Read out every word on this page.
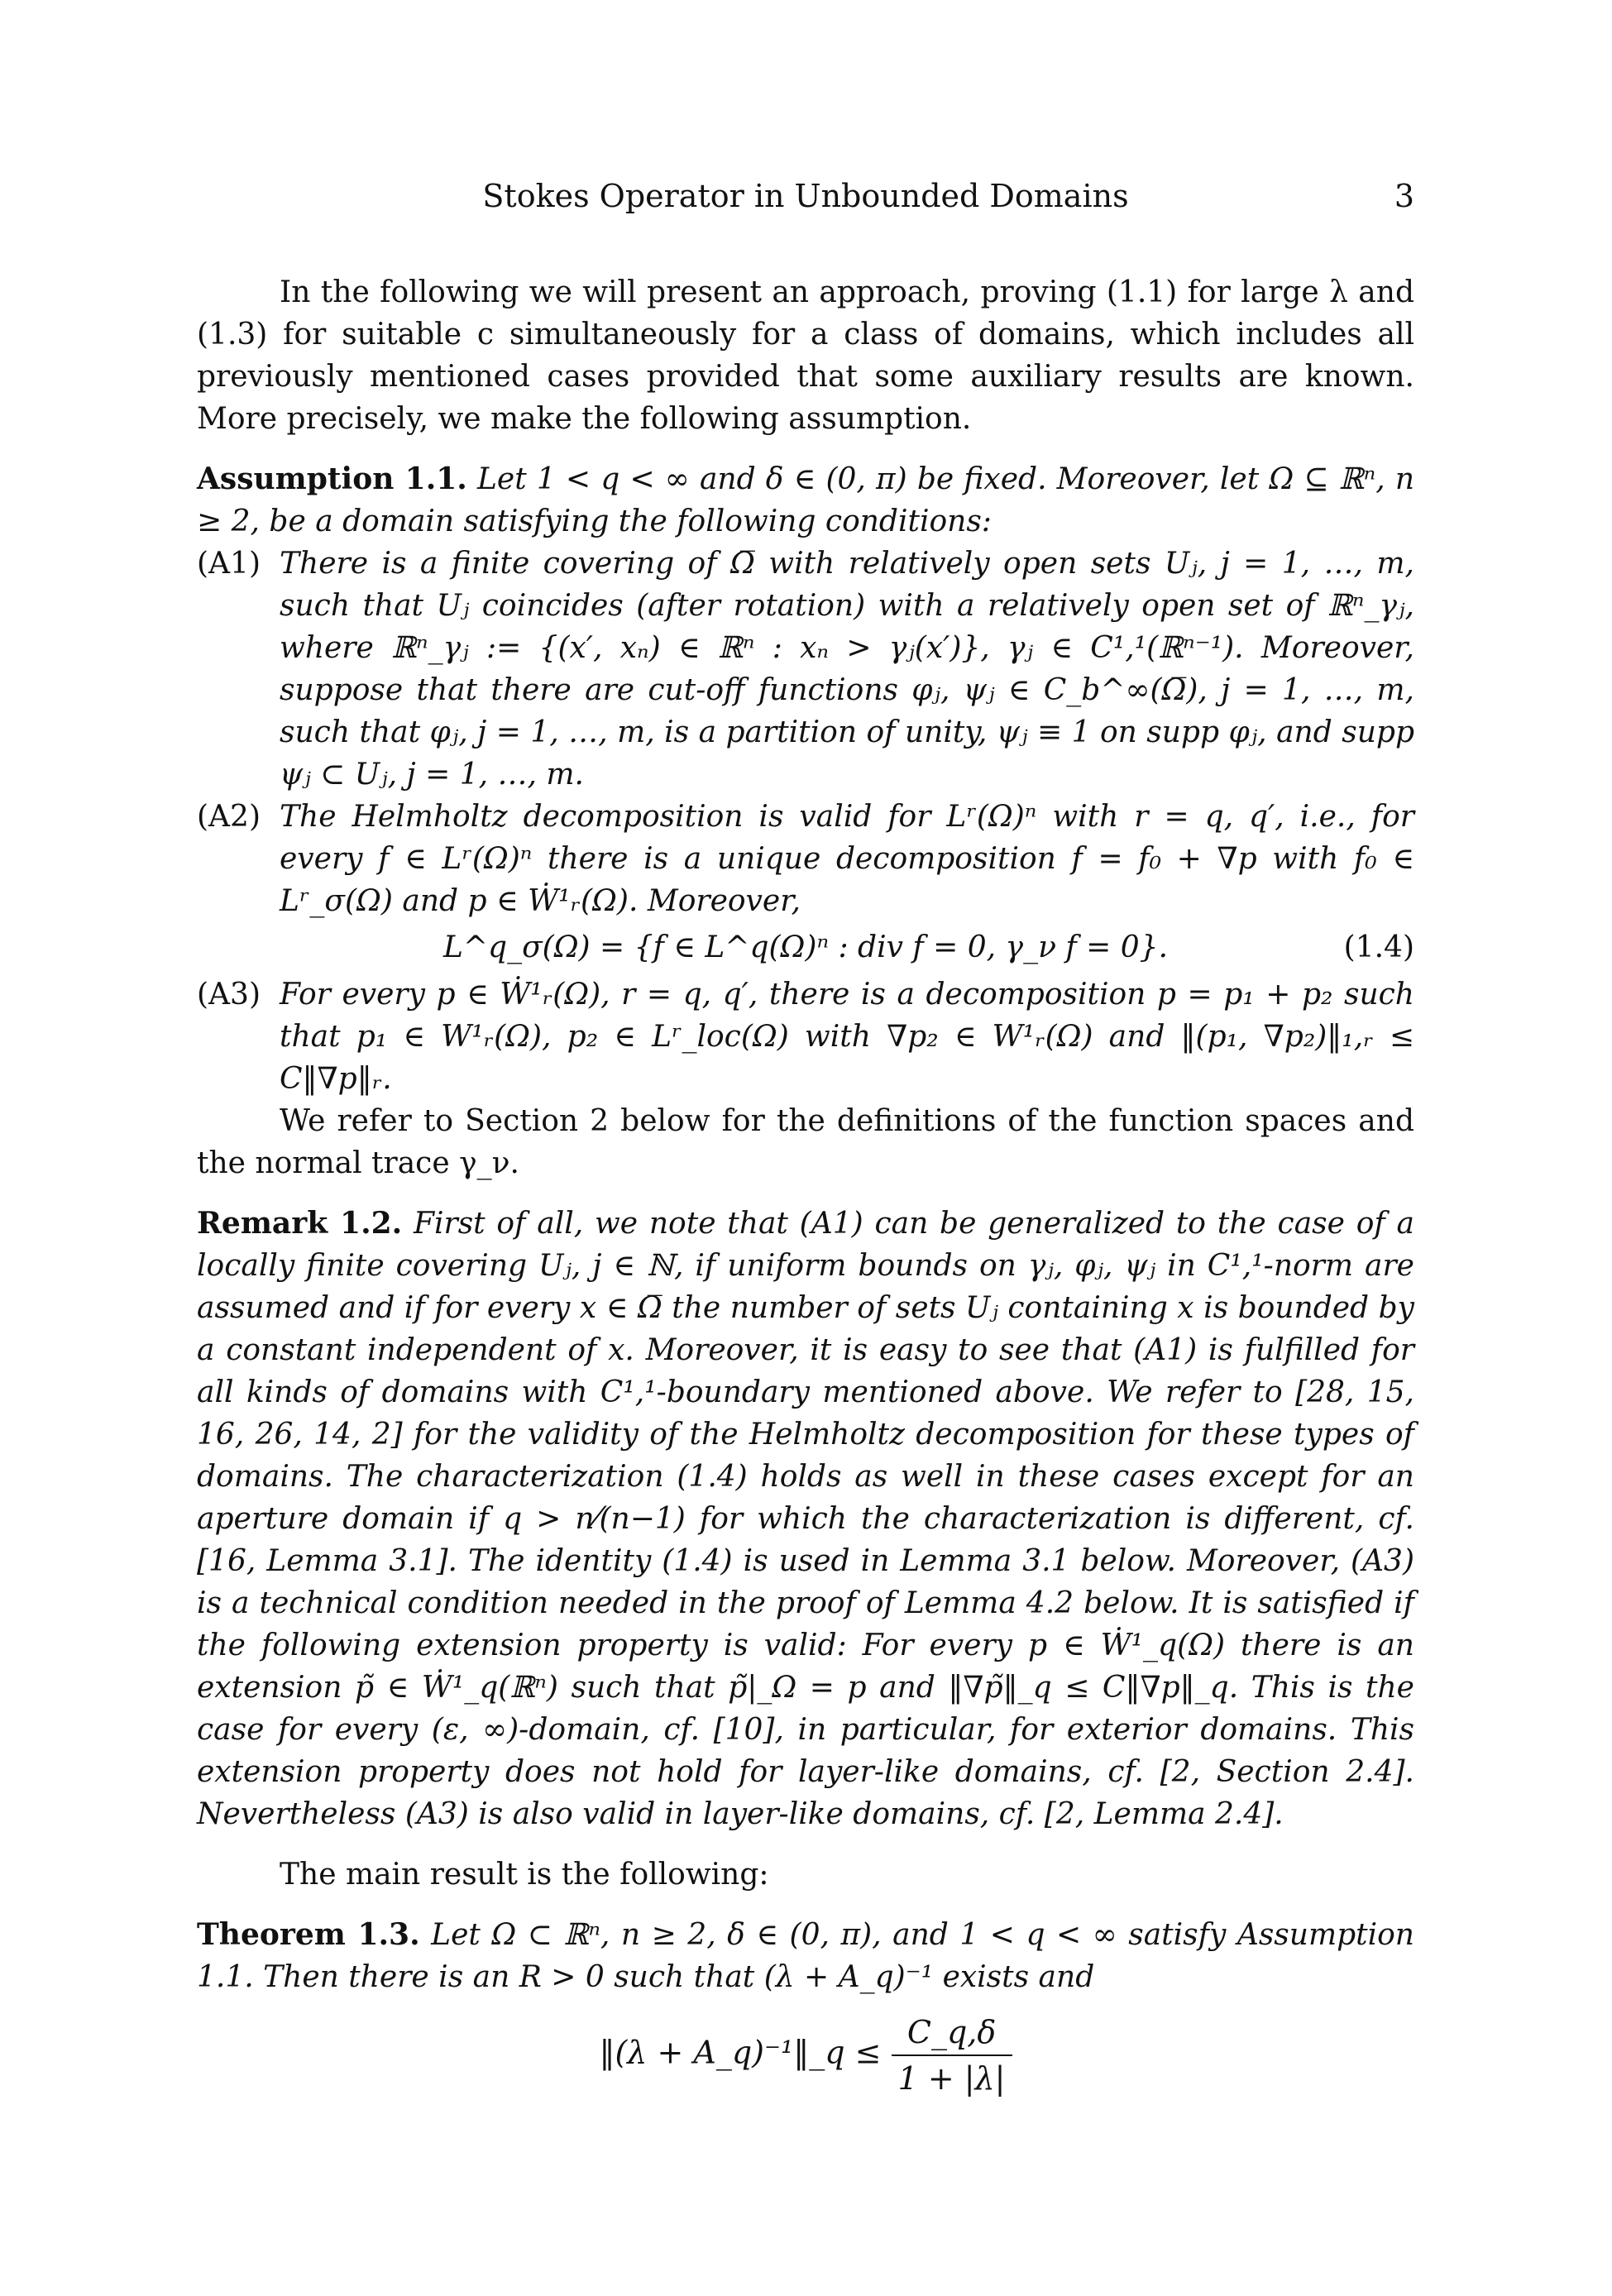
Stokes Operator in Unbounded Domains	3

In the following we will present an approach, proving (1.1) for large λ and (1.3) for suitable c simultaneously for a class of domains, which includes all previously mentioned cases provided that some auxiliary results are known. More precisely, we make the following assumption.

Assumption 1.1. Let 1 < q < ∞ and δ ∈ (0, π) be fixed. Moreover, let Ω ⊆ ℝⁿ, n ≥ 2, be a domain satisfying the following conditions:

(A1) There is a finite covering of Ω̅ with relatively open sets Uⱼ, j = 1, …, m, such that Uⱼ coincides (after rotation) with a relatively open set of ℝⁿ_γⱼ, where ℝⁿ_γⱼ := {(x′, xₙ) ∈ ℝⁿ : xₙ > γⱼ(x′)}, γⱼ ∈ C¹,¹(ℝⁿ⁻¹). Moreover, suppose that there are cut-off functions φⱼ, ψⱼ ∈ C_b^∞(Ω̅), j = 1, …, m, such that φⱼ, j = 1, …, m, is a partition of unity, ψⱼ ≡ 1 on supp φⱼ, and supp ψⱼ ⊂ Uⱼ, j = 1, …, m.
(A2) The Helmholtz decomposition is valid for Lʳ(Ω)ⁿ with r = q, q′, i.e., for every f ∈ Lʳ(Ω)ⁿ there is a unique decomposition f = f₀ + ∇p with f₀ ∈ Lʳ_σ(Ω) and p ∈ Ẇ¹ᵣ(Ω). Moreover,
L^q_σ(Ω) = {f ∈ L^q(Ω)ⁿ : div f = 0, γ_ν f = 0}.	(1.4)
(A3) For every p ∈ Ẇ¹ᵣ(Ω), r = q, q′, there is a decomposition p = p₁ + p₂ such that p₁ ∈ W¹ᵣ(Ω), p₂ ∈ Lʳ_loc(Ω) with ∇p₂ ∈ W¹ᵣ(Ω) and ‖(p₁, ∇p₂)‖₁,ᵣ ≤ C‖∇p‖ᵣ.

We refer to Section 2 below for the definitions of the function spaces and the normal trace γ_ν.

Remark 1.2. First of all, we note that (A1) can be generalized to the case of a locally finite covering Uⱼ, j ∈ ℕ, if uniform bounds on γⱼ, φⱼ, ψⱼ in C¹,¹-norm are assumed and if for every x ∈ Ω̅ the number of sets Uⱼ containing x is bounded by a constant independent of x. Moreover, it is easy to see that (A1) is fulfilled for all kinds of domains with C¹,¹-boundary mentioned above. We refer to [28, 15, 16, 26, 14, 2] for the validity of the Helmholtz decomposition for these types of domains. The characterization (1.4) holds as well in these cases except for an aperture domain if q > n⁄(n−1) for which the characterization is different, cf. [16, Lemma 3.1]. The identity (1.4) is used in Lemma 3.1 below. Moreover, (A3) is a technical condition needed in the proof of Lemma 4.2 below. It is satisfied if the following extension property is valid: For every p ∈ Ẇ¹_q(Ω) there is an extension p̃ ∈ Ẇ¹_q(ℝⁿ) such that p̃|_Ω = p and ‖∇p̃‖_q ≤ C‖∇p‖_q. This is the case for every (ε, ∞)-domain, cf. [10], in particular, for exterior domains. This extension property does not hold for layer-like domains, cf. [2, Section 2.4]. Nevertheless (A3) is also valid in layer-like domains, cf. [2, Lemma 2.4].

The main result is the following:

Theorem 1.3. Let Ω ⊂ ℝⁿ, n ≥ 2, δ ∈ (0, π), and 1 < q < ∞ satisfy Assumption 1.1. Then there is an R > 0 such that (λ + A_q)⁻¹ exists and

‖(λ + A_q)⁻¹‖_q ≤ $\frac{C\_q,\delta}{1 + |\lambda|}$
